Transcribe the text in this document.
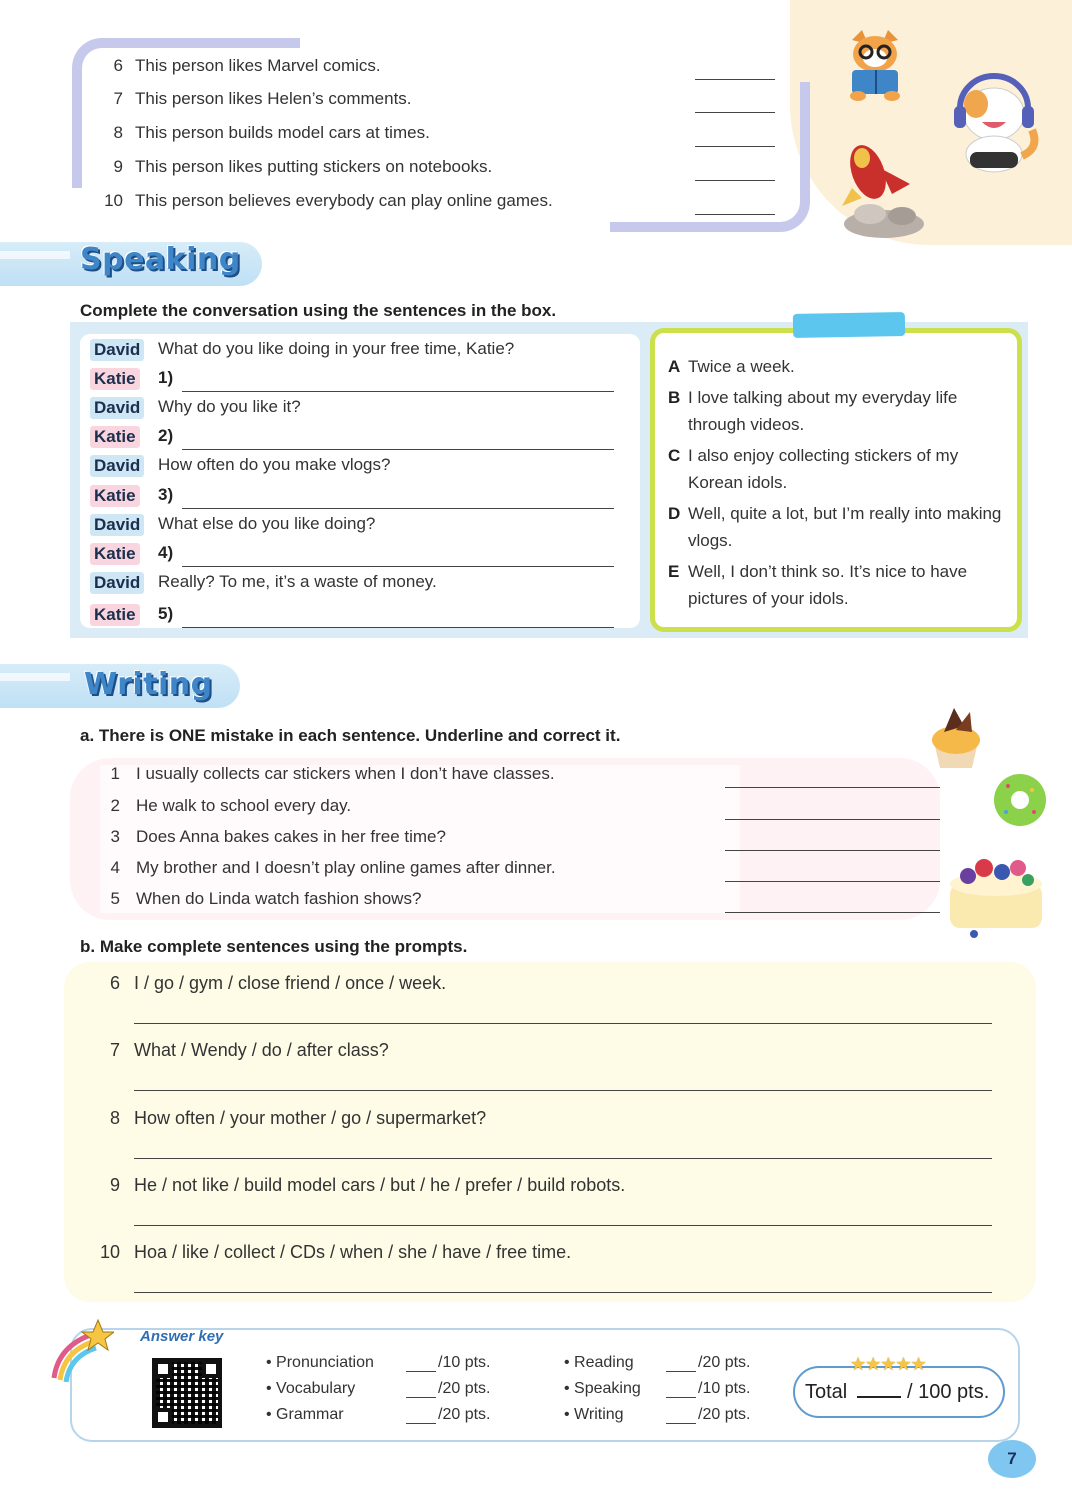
6 This person likes Marvel comics.
7 This person likes Helen’s comments.
8 This person builds model cars at times.
9 This person likes putting stickers on notebooks.
10 This person believes everybody can play online games.
Speaking
Complete the conversation using the sentences in the box.
David What do you like doing in your free time, Katie?
Katie 1)
David Why do you like it?
Katie 2)
David How often do you make vlogs?
Katie 3)
David What else do you like doing?
Katie 4)
David Really? To me, it’s a waste of money.
Katie 5)
A Twice a week.
B I love talking about my everyday life through videos.
C I also enjoy collecting stickers of my Korean idols.
D Well, quite a lot, but I’m really into making vlogs.
E Well, I don’t think so. It’s nice to have pictures of your idols.
Writing
a. There is ONE mistake in each sentence. Underline and correct it.
1 I usually collects car stickers when I don’t have classes.
2 He walk to school every day.
3 Does Anna bakes cakes in her free time?
4 My brother and I doesn’t play online games after dinner.
5 When do Linda watch fashion shows?
b. Make complete sentences using the prompts.
6 I / go / gym / close friend / once / week.
7 What / Wendy / do / after class?
8 How often / your mother / go / supermarket?
9 He / not like / build model cars / but / he / prefer / build robots.
10 Hoa / like / collect / CDs / when / she / have / free time.
Answer key
• Pronunciation	/10 pts.
• Vocabulary	/20 pts.
• Grammar	/20 pts.
• Reading	/20 pts.
• Speaking	/10 pts.
• Writing	/20 pts.
Total	/ 100 pts.
★★★★★
7
